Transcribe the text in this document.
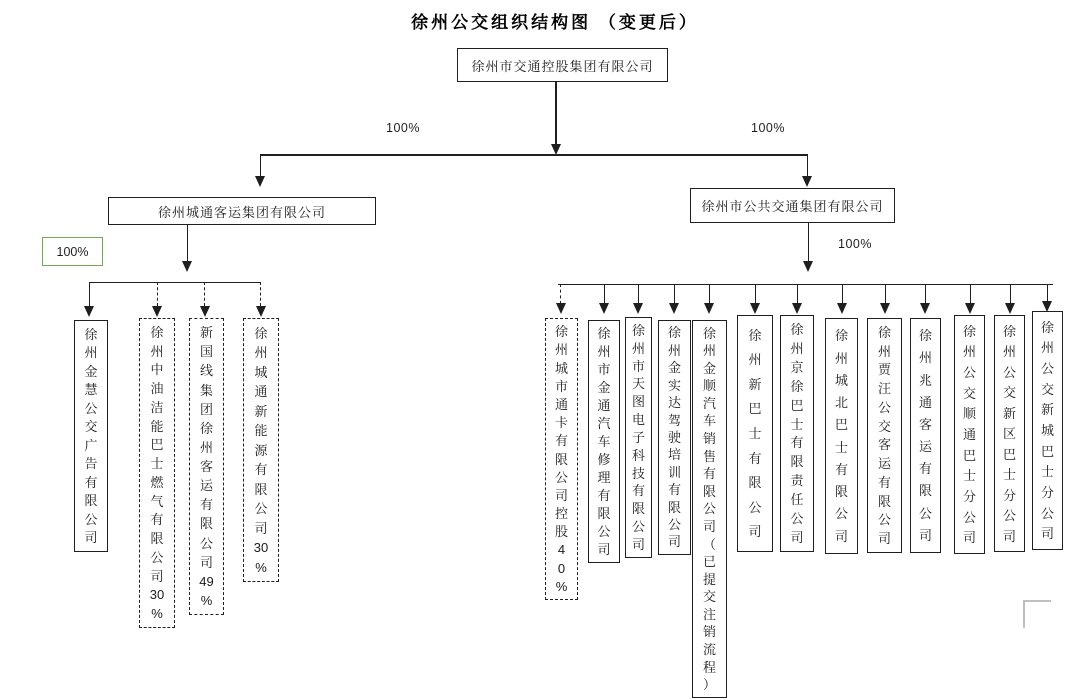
徐州公交组织结构图 （变更后）
徐州市交通控股集团有限公司
100%	100%
徐州城通客运集团有限公司	徐州市公共交通集团有限公司
100%
徐
州
金
慧
公
交
广
告
有
限
公
司
徐
州
中
油
洁
能
巴
士
燃
气
有
限
公
司
30
%
新
国
线
集
团
徐
州
客
运
有
限
公
司
49
%
徐
州
城
通
新
能
源
有
限
公
司
30
%
100%
徐
州
城
市
通
卡
有
限
公
司
控
股
4
0
%
徐
州
市
金
通
汽
车
修
理
有
限
公
司
徐
州
市
天
图
电
子
科
技
有
限
公
司
徐
州
金
实
达
驾
驶
培
训
有
限
公
司
徐
州
金
顺
汽
车
销
售
有
限
公
司
（
已
提
交
注
销
流
程
）
徐
州
新
巴
士
有
限
公
司
徐
州
京
徐
巴
士
有
限
责
任
公
司
徐
州
城
北
巴
士
有
限
公
司
徐
州
贾
汪
公
交
客
运
有
限
公
司
徐
州
兆
通
客
运
有
限
公
司
徐
州
公
交
顺
通
巴
士
分
公
司
徐
州
公
交
新
区
巴
士
分
公
司
徐
州
公
交
新
城
巴
士
分
公
司
